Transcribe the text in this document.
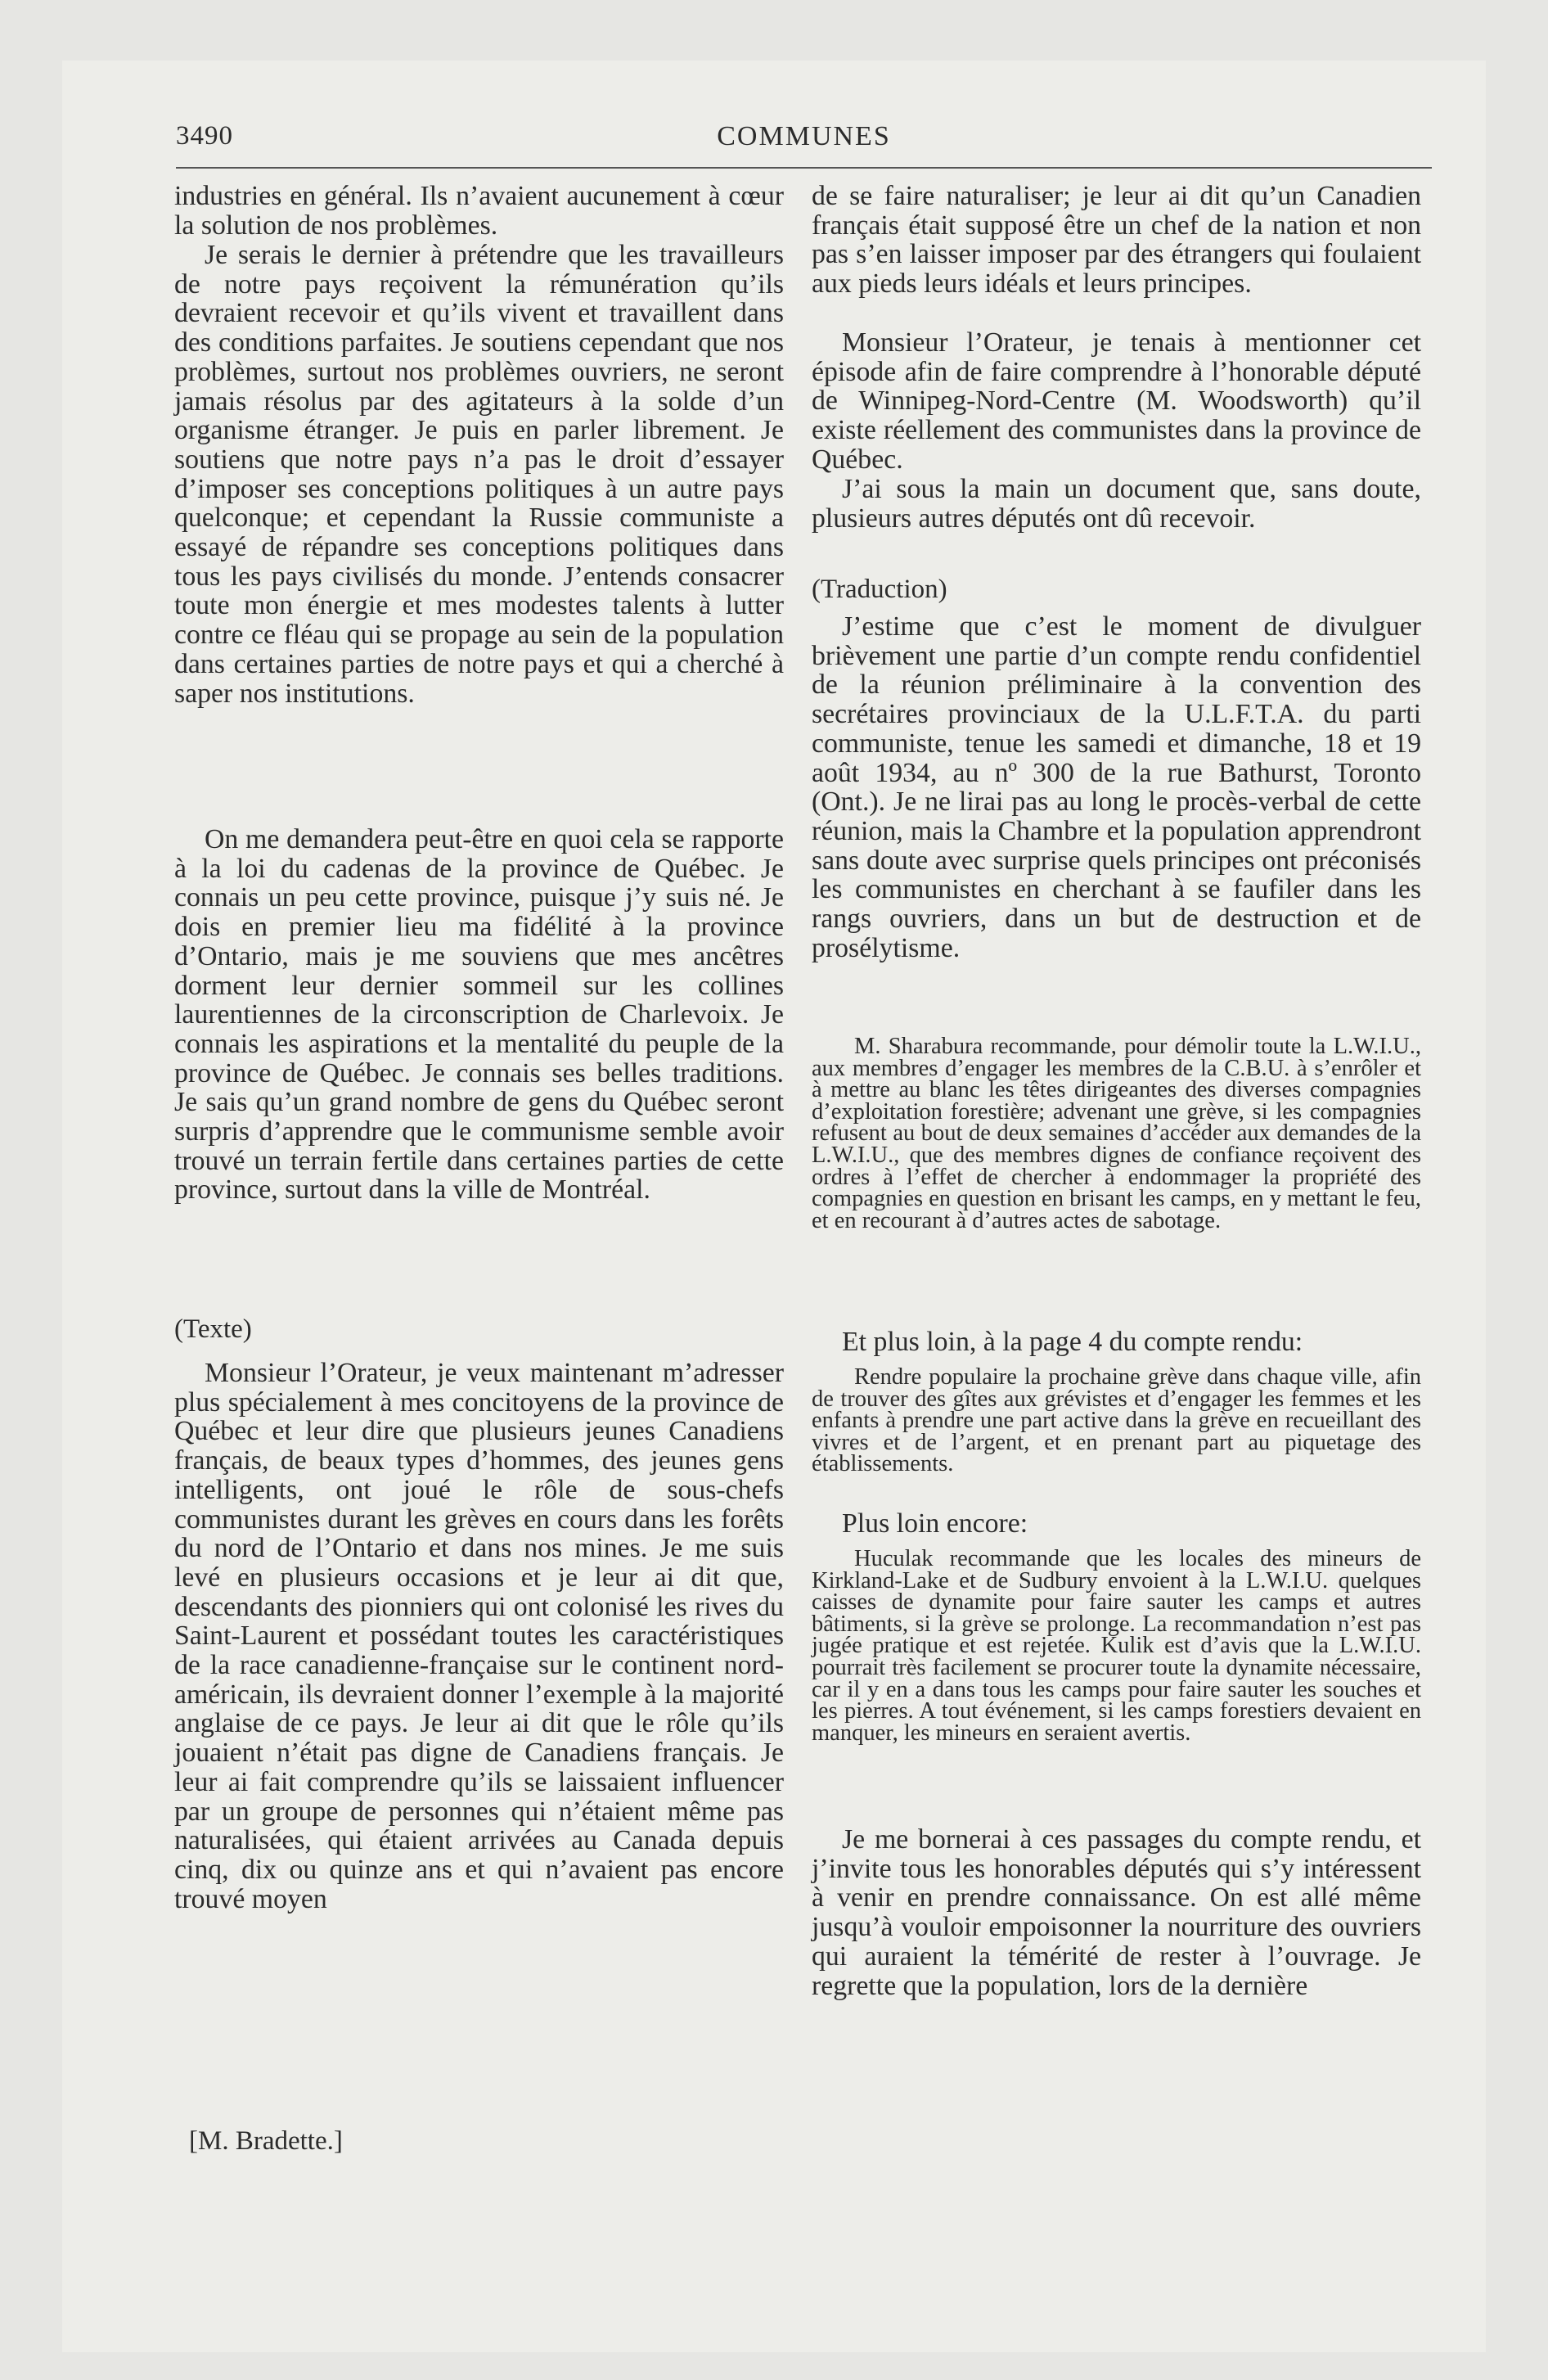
3490	COMMUNES

industries en général. Ils n’avaient aucunement à cœur la solution de nos problèmes.

Je serais le dernier à prétendre que les travailleurs de notre pays reçoivent la rémunération qu’ils devraient recevoir et qu’ils vivent et travaillent dans des conditions parfaites. Je soutiens cependant que nos problèmes, surtout nos problèmes ouvriers, ne seront jamais résolus par des agitateurs à la solde d’un organisme étranger. Je puis en parler librement. Je soutiens que notre pays n’a pas le droit d’essayer d’imposer ses conceptions politiques à un autre pays quelconque; et cependant la Russie communiste a essayé de répandre ses conceptions politiques dans tous les pays civilisés du monde. J’entends consacrer toute mon énergie et mes modestes talents à lutter contre ce fléau qui se propage au sein de la population dans certaines parties de notre pays et qui a cherché à saper nos institutions.

On me demandera peut-être en quoi cela se rapporte à la loi du cadenas de la province de Québec. Je connais un peu cette province, puisque j’y suis né. Je dois en premier lieu ma fidélité à la province d’Ontario, mais je me souviens que mes ancêtres dorment leur dernier sommeil sur les collines laurentiennes de la circonscription de Charlevoix. Je connais les aspirations et la mentalité du peuple de la province de Québec. Je connais ses belles traditions. Je sais qu’un grand nombre de gens du Québec seront surpris d’apprendre que le communisme semble avoir trouvé un terrain fertile dans certaines parties de cette province, surtout dans la ville de Montréal.

(Texte)

Monsieur l’Orateur, je veux maintenant m’adresser plus spécialement à mes concitoyens de la province de Québec et leur dire que plusieurs jeunes Canadiens français, de beaux types d’hommes, des jeunes gens intelligents, ont joué le rôle de sous-chefs communistes durant les grèves en cours dans les forêts du nord de l’Ontario et dans nos mines. Je me suis levé en plusieurs occasions et je leur ai dit que, descendants des pionniers qui ont colonisé les rives du Saint-Laurent et possédant toutes les caractéristiques de la race canadienne-française sur le continent nord-américain, ils devraient donner l’exemple à la majorité anglaise de ce pays. Je leur ai dit que le rôle qu’ils jouaient n’était pas digne de Canadiens français. Je leur ai fait comprendre qu’ils se laissaient influencer par un groupe de personnes qui n’étaient même pas naturalisées, qui étaient arrivées au Canada depuis cinq, dix ou quinze ans et qui n’avaient pas encore trouvé moyen

[M. Bradette.]

de se faire naturaliser; je leur ai dit qu’un Canadien français était supposé être un chef de la nation et non pas s’en laisser imposer par des étrangers qui foulaient aux pieds leurs idéals et leurs principes.

Monsieur l’Orateur, je tenais à mentionner cet épisode afin de faire comprendre à l’honorable député de Winnipeg-Nord-Centre (M. Woodsworth) qu’il existe réellement des communistes dans la province de Québec.

J’ai sous la main un document que, sans doute, plusieurs autres députés ont dû recevoir.

(Traduction)

J’estime que c’est le moment de divulguer brièvement une partie d’un compte rendu confidentiel de la réunion préliminaire à la convention des secrétaires provinciaux de la U.L.F.T.A. du parti communiste, tenue les samedi et dimanche, 18 et 19 août 1934, au nº 300 de la rue Bathurst, Toronto (Ont.). Je ne lirai pas au long le procès-verbal de cette réunion, mais la Chambre et la population apprendront sans doute avec surprise quels principes ont préconisés les communistes en cherchant à se faufiler dans les rangs ouvriers, dans un but de destruction et de prosélytisme.

M. Sharabura recommande, pour démolir toute la L.W.I.U., aux membres d’engager les membres de la C.B.U. à s’enrôler et à mettre au blanc les têtes dirigeantes des diverses compagnies d’exploitation forestière; advenant une grève, si les compagnies refusent au bout de deux semaines d’accéder aux demandes de la L.W.I.U., que des membres dignes de confiance reçoivent des ordres à l’effet de chercher à endommager la propriété des compagnies en question en brisant les camps, en y mettant le feu, et en recourant à d’autres actes de sabotage.

Et plus loin, à la page 4 du compte rendu:

Rendre populaire la prochaine grève dans chaque ville, afin de trouver des gîtes aux grévistes et d’engager les femmes et les enfants à prendre une part active dans la grève en recueillant des vivres et de l’argent, et en prenant part au piquetage des établissements.

Plus loin encore:

Huculak recommande que les locales des mineurs de Kirkland-Lake et de Sudbury envoient à la L.W.I.U. quelques caisses de dynamite pour faire sauter les camps et autres bâtiments, si la grève se prolonge. La recommandation n’est pas jugée pratique et est rejetée. Kulik est d’avis que la L.W.I.U. pourrait très facilement se procurer toute la dynamite nécessaire, car il y en a dans tous les camps pour faire sauter les souches et les pierres. A tout événement, si les camps forestiers devaient en manquer, les mineurs en seraient avertis.

Je me bornerai à ces passages du compte rendu, et j’invite tous les honorables députés qui s’y intéressent à venir en prendre connaissance. On est allé même jusqu’à vouloir empoisonner la nourriture des ouvriers qui auraient la témérité de rester à l’ouvrage. Je regrette que la population, lors de la dernière
